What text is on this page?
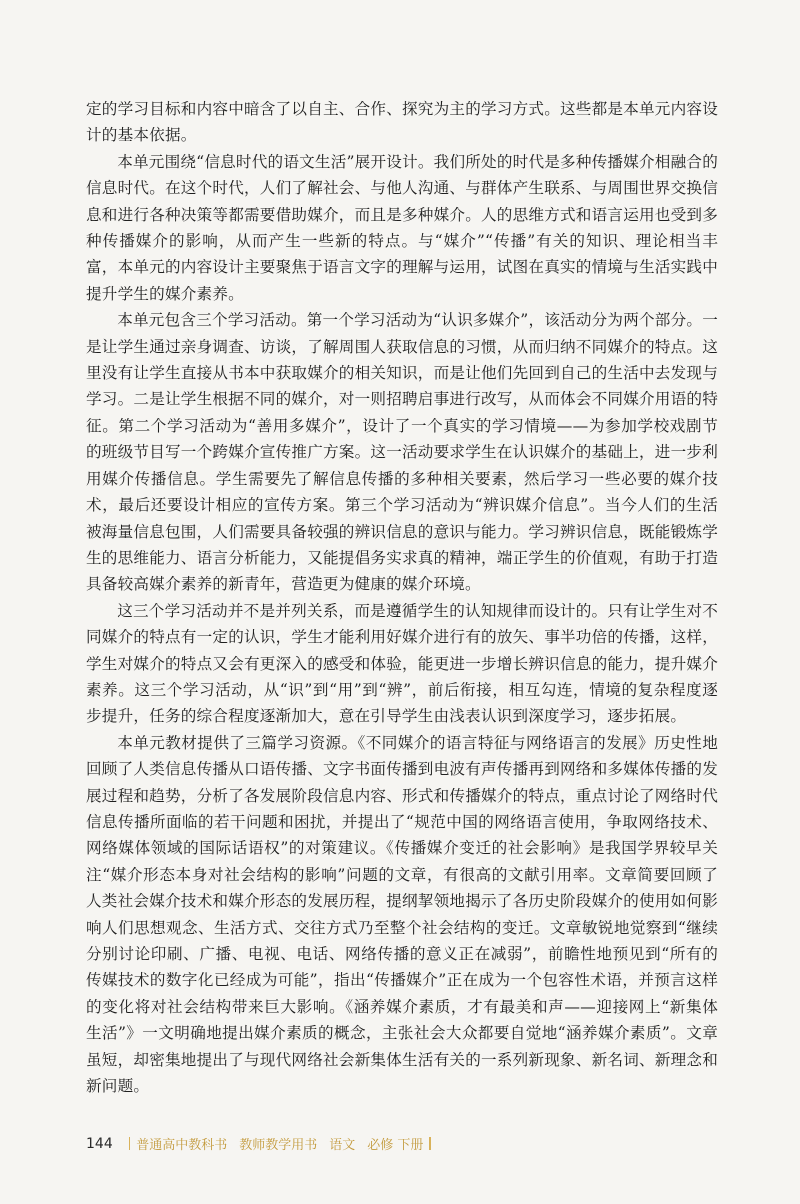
定的学习目标和内容中暗含了以自主、合作、探究为主的学习方式。这些都是本单元内容设计的基本依据。

本单元围绕“信息时代的语文生活”展开设计。我们所处的时代是多种传播媒介相融合的信息时代。在这个时代，人们了解社会、与他人沟通、与群体产生联系、与周围世界交换信息和进行各种决策等都需要借助媒介，而且是多种媒介。人的思维方式和语言运用也受到多种传播媒介的影响，从而产生一些新的特点。与“媒介”“传播”有关的知识、理论相当丰富，本单元的内容设计主要聚焦于语言文字的理解与运用，试图在真实的情境与生活实践中提升学生的媒介素养。

本单元包含三个学习活动。第一个学习活动为“认识多媒介”，该活动分为两个部分。一是让学生通过亲身调查、访谈，了解周围人获取信息的习惯，从而归纳不同媒介的特点。这里没有让学生直接从书本中获取媒介的相关知识，而是让他们先回到自己的生活中去发现与学习。二是让学生根据不同的媒介，对一则招聘启事进行改写，从而体会不同媒介用语的特征。第二个学习活动为“善用多媒介”，设计了一个真实的学习情境——为参加学校戏剧节的班级节目写一个跨媒介宣传推广方案。这一活动要求学生在认识媒介的基础上，进一步利用媒介传播信息。学生需要先了解信息传播的多种相关要素，然后学习一些必要的媒介技术，最后还要设计相应的宣传方案。第三个学习活动为“辨识媒介信息”。当今人们的生活被海量信息包围，人们需要具备较强的辨识信息的意识与能力。学习辨识信息，既能锻炼学生的思维能力、语言分析能力，又能提倡务实求真的精神，端正学生的价值观，有助于打造具备较高媒介素养的新青年，营造更为健康的媒介环境。

这三个学习活动并不是并列关系，而是遵循学生的认知规律而设计的。只有让学生对不同媒介的特点有一定的认识，学生才能利用好媒介进行有的放矢、事半功倍的传播，这样，学生对媒介的特点又会有更深入的感受和体验，能更进一步增长辨识信息的能力，提升媒介素养。这三个学习活动，从“识”到“用”到“辨”，前后衔接，相互勾连，情境的复杂程度逐步提升，任务的综合程度逐渐加大，意在引导学生由浅表认识到深度学习，逐步拓展。

本单元教材提供了三篇学习资源。《不同媒介的语言特征与网络语言的发展》历史性地回顾了人类信息传播从口语传播、文字书面传播到电波有声传播再到网络和多媒体传播的发展过程和趋势，分析了各发展阶段信息内容、形式和传播媒介的特点，重点讨论了网络时代信息传播所面临的若干问题和困扰，并提出了“规范中国的网络语言使用，争取网络技术、网络媒体领域的国际话语权”的对策建议。《传播媒介变迁的社会影响》是我国学界较早关注“媒介形态本身对社会结构的影响”问题的文章，有很高的文献引用率。文章简要回顾了人类社会媒介技术和媒介形态的发展历程，提纲挈领地揭示了各历史阶段媒介的使用如何影响人们思想观念、生活方式、交往方式乃至整个社会结构的变迁。文章敏锐地觉察到“继续分别讨论印刷、广播、电视、电话、网络传播的意义正在减弱”，前瞻性地预见到“所有的传媒技术的数字化已经成为可能”，指出“传播媒介”正在成为一个包容性术语，并预言这样的变化将对社会结构带来巨大影响。《涵养媒介素质，才有最美和声——迎接网上“新集体生活”》一文明确地提出媒介素质的概念，主张社会大众都要自觉地“涵养媒介素质”。文章虽短，却密集地提出了与现代网络社会新集体生活有关的一系列新现象、新名词、新理念和新问题。

144 普通高中教科书 教师教学用书 语文 必修 下册
